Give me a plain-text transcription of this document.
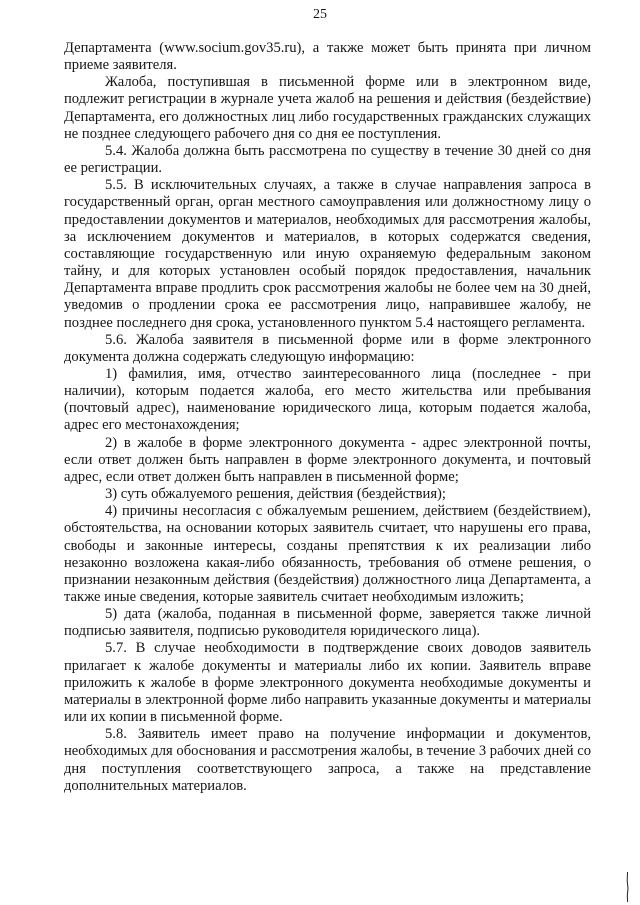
25

Департамента (www.socium.gov35.ru), а также может быть принята при личном приеме заявителя.

Жалоба, поступившая в письменной форме или в электронном виде, подлежит регистрации в журнале учета жалоб на решения и действия (бездействие) Департамента, его должностных лиц либо государственных гражданских служащих не позднее следующего рабочего дня со дня ее поступления.

5.4. Жалоба должна быть рассмотрена по существу в течение 30 дней со дня ее регистрации.

5.5. В исключительных случаях, а также в случае направления запроса в государственный орган, орган местного самоуправления или должностному лицу о предоставлении документов и материалов, необходимых для рассмотрения жалобы, за исключением документов и материалов, в которых содержатся сведения, составляющие государственную или иную охраняемую федеральным законом тайну, и для которых установлен особый порядок предоставления, начальник Департамента вправе продлить срок рассмотрения жалобы не более чем на 30 дней, уведомив о продлении срока ее рассмотрения лицо, направившее жалобу, не позднее последнего дня срока, установленного пунктом 5.4 настоящего регламента.

5.6. Жалоба заявителя в письменной форме или в форме электронного документа должна содержать следующую информацию:

1) фамилия, имя, отчество заинтересованного лица (последнее - при наличии), которым подается жалоба, его место жительства или пребывания (почтовый адрес), наименование юридического лица, которым подается жалоба, адрес его местонахождения;

2) в жалобе в форме электронного документа - адрес электронной почты, если ответ должен быть направлен в форме электронного документа, и почтовый адрес, если ответ должен быть направлен в письменной форме;

3) суть обжалуемого решения, действия (бездействия);

4) причины несогласия с обжалуемым решением, действием (бездействием), обстоятельства, на основании которых заявитель считает, что нарушены его права, свободы и законные интересы, созданы препятствия к их реализации либо незаконно возложена какая-либо обязанность, требования об отмене решения, о признании незаконным действия (бездействия) должностного лица Департамента, а также иные сведения, которые заявитель считает необходимым изложить;

5) дата (жалоба, поданная в письменной форме, заверяется также личной подписью заявителя, подписью руководителя юридического лица).

5.7. В случае необходимости в подтверждение своих доводов заявитель прилагает к жалобе документы и материалы либо их копии. Заявитель вправе приложить к жалобе в форме электронного документа необходимые документы и материалы в электронной форме либо направить указанные документы и материалы или их копии в письменной форме.

5.8. Заявитель имеет право на получение информации и документов, необходимых для обоснования и рассмотрения жалобы, в течение 3 рабочих дней со дня поступления соответствующего запроса, а также на представление дополнительных материалов.
